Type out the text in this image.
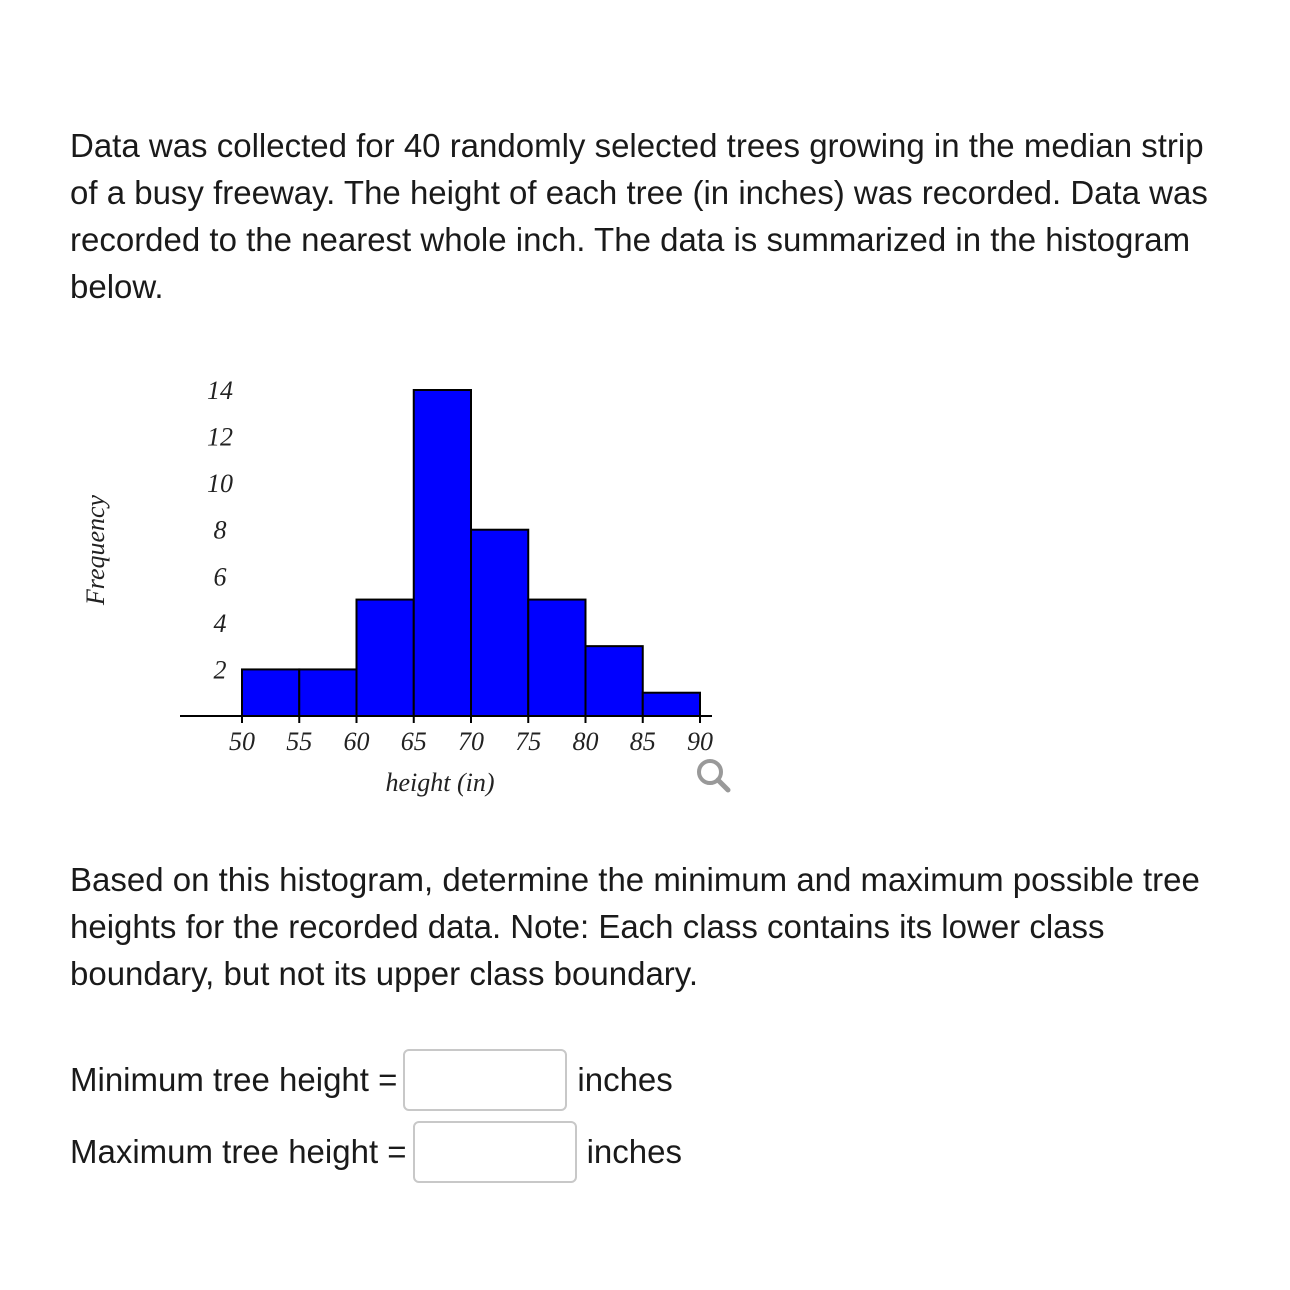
Data was collected for 40 randomly selected trees growing in the median strip of a busy freeway. The height of each tree (in inches) was recorded. Data was recorded to the nearest whole inch. The data is summarized in the histogram below.

50 55 60 65 70 75 80 85 90
2
4
6
8
10
12
14
height (in)
Frequency

Based on this histogram, determine the minimum and maximum possible tree heights for the recorded data. Note: Each class contains its lower class boundary, but not its upper class boundary.

Minimum tree height =	inches
Maximum tree height =	inches
